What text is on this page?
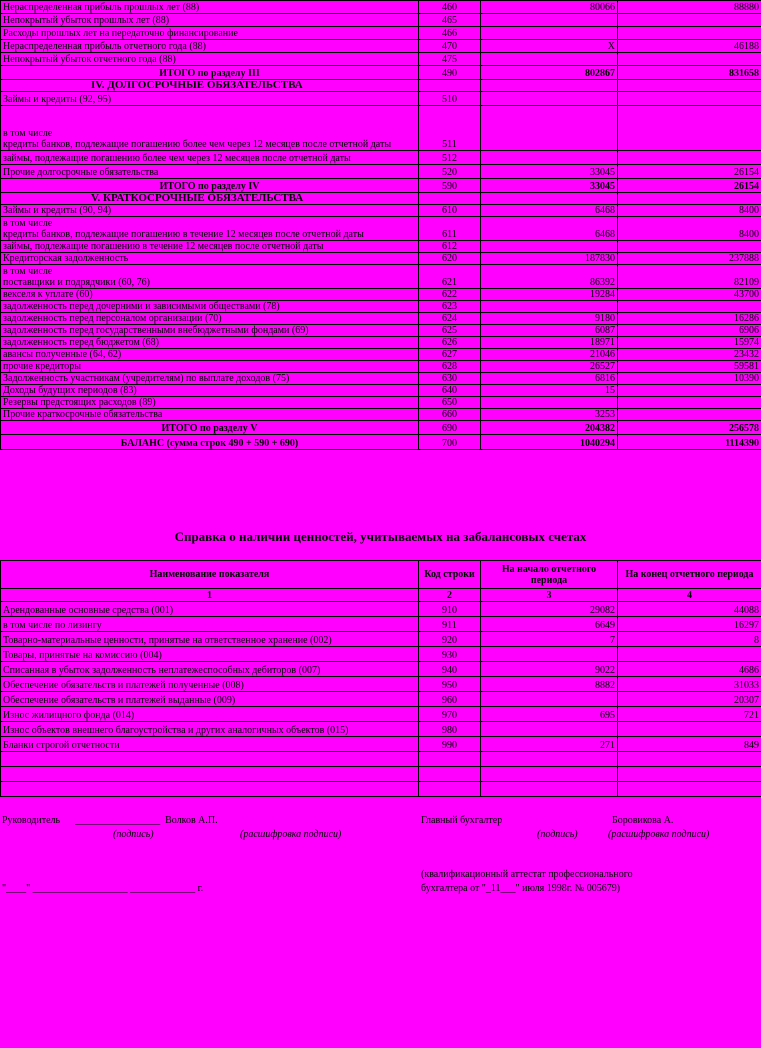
Нераспределенная прибыль прошлых лет (88)	460	80066	88880
Непокрытый убыток прошлых лет (88)	465		
Расходы прошлых лет на передаточно финансирование	466		
Нераспределенная прибыль отчетного года (88)	470	X	46188
Непокрытый убыток отчетного года (88)	475		
ИТОГО по разделу III	490	802867	831658
IV. ДОЛГОСРОЧНЫЕ ОБЯЗАТЕЛЬСТВА			
Займы и кредиты (92, 95)	510		

в том числе
кредиты банков, подлежащие погашению более чем через 12 месяцев после отчетной даты	511		
займы, подлежащие погашению более чем через 12 месяцев после отчетной даты	512		
Прочие долгосрочные обязательства	520	33045	26154
ИТОГО по разделу IV	590	33045	26154
V. КРАТКОСРОЧНЫЕ ОБЯЗАТЕЛЬСТВА			
Займы и кредиты (90, 94)	610	6468	8400

в том числе
кредиты банков, подлежащие погашению в течение 12 месяцев после отчетной даты	611	6468	8400
займы, подлежащие погашению в течение 12 месяцев после отчетной даты	612		
Кредиторская задолженность	620	187830	237888

в том числе
поставщики и подрядчики (60, 76)	621	86392	82109
векселя к уплате (60)	622	19284	43700
задолженность перед дочерними и зависимыми обществами (78)	623		
задолженность перед персоналом организации (70)	624	9180	16286
задолженность перед государственными внебюджетными фондами (69)	625	6087	6906
задолженность перед бюджетом (68)	626	18971	15974
авансы полученные (64, 62)	627	21046	23432
прочие кредиторы	628	26527	59581
Задолженность участникам (учредителям) по выплате доходов (75)	630	6816	10390
Доходы будущих периодов (83)	640	15	
Резервы предстоящих расходов (89)	650		
Прочие краткосрочные обязательства	660	3253	
ИТОГО по разделу V	690	204382	256578
БАЛАНС (сумма строк 490 + 590 + 690)	700	1040294	1114390
Справка о наличии ценностей, учитываемых на забалансовых счетах
Наименование показателя	Код строки	На начало отчетного периода	На конец отчетного периода
1	2	3	4
Арендованные основные средства (001)	910	29082	44088
в том числе по лизингу	911	6649	16297
Товарно-материальные ценности, принятые на ответственное хранение (002)	920	7	8
Товары, принятые на комиссию (004)	930		
Списанная в убыток задолженность неплатежеспособных дебиторов (007)	940	9022	4686
Обеспечение обязательств и платежей полученные (008)	950	8882	31033
Обеспечение обязательств и платежей выданные (009)	960		20307
Износ жилищного фонда (014)	970	695	721
Износ объектов внешнего благоустройства и других аналогичных объектов (015)	980		
Бланки строгой отчетности	990	271	849

Руководитель _________________ Волков А.П.
(подпись)	(расшифровка подписи)
Главный бухгалтер	Боровикова А.
(подпись)	(расшифровка подписи)
(квалификационный аттестат профессионального
бухгалтера от "_11___" июля 1998г. № 005679)
"____" ___________________ _____________ г.
